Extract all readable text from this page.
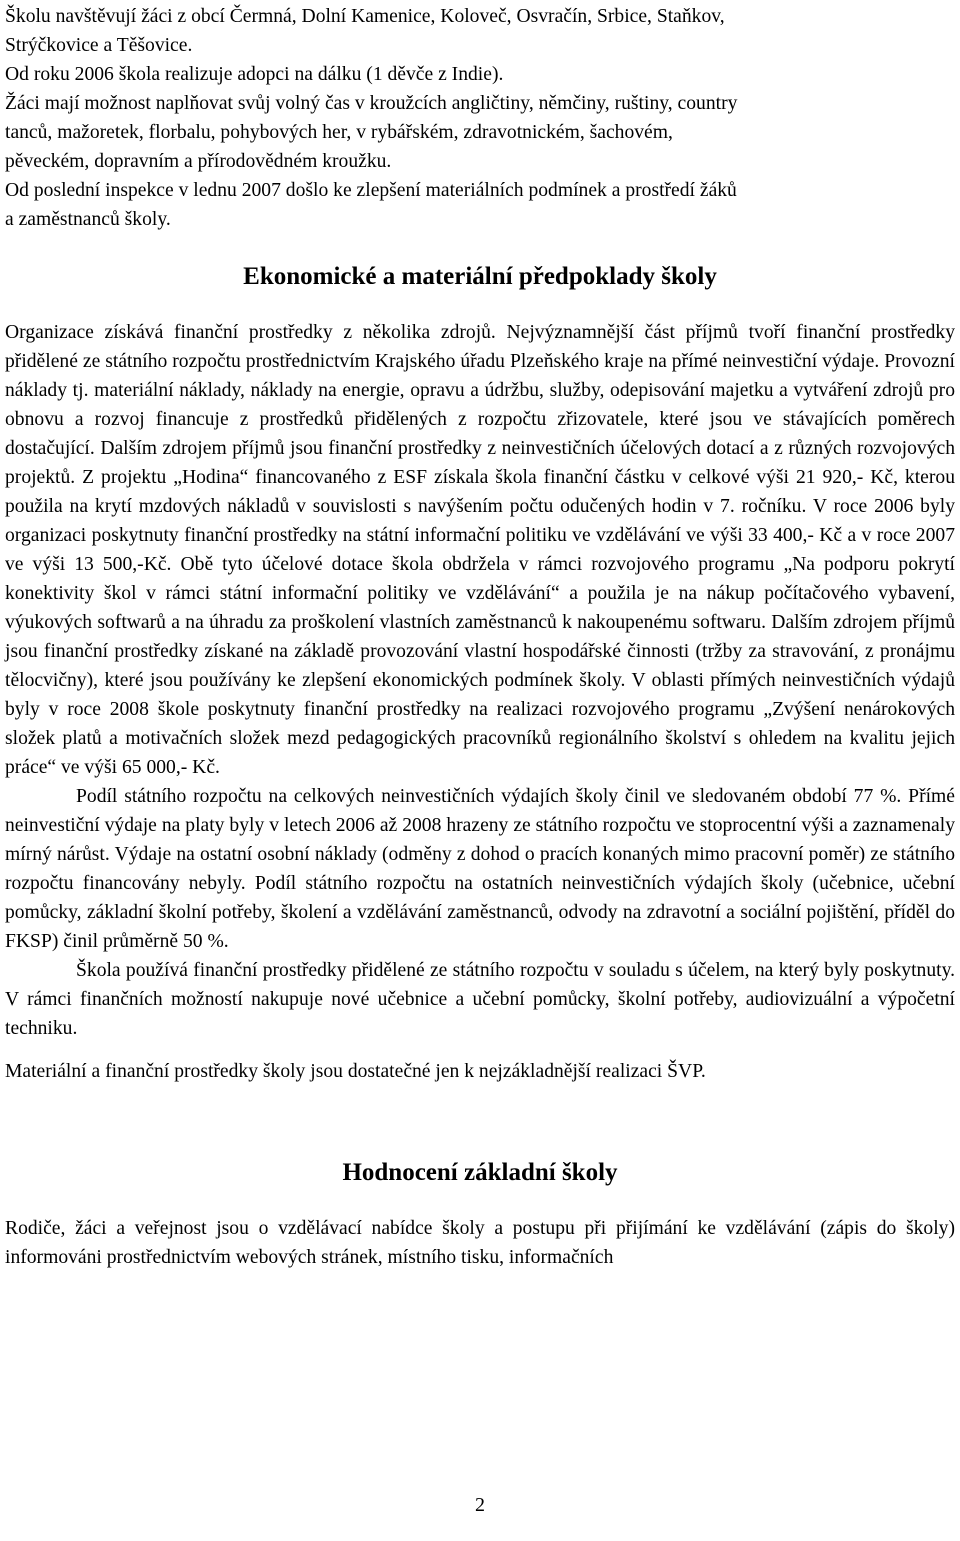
Školu navštěvují žáci z obcí Čermná, Dolní Kamenice, Koloveč, Osvračín, Srbice, Staňkov,

Strýčkovice a Těšovice.

Od roku 2006 škola realizuje adopci na dálku (1 děvče z Indie).

Žáci mají možnost naplňovat svůj volný čas v kroužcích angličtiny, němčiny, ruštiny, country

tanců, mažoretek, florbalu, pohybových her, v rybářském, zdravotnickém, šachovém,

pěveckém, dopravním a přírodovědném kroužku.

Od poslední inspekce v lednu 2007 došlo ke zlepšení materiálních podmínek a prostředí žáků

a zaměstnanců školy.

Ekonomické a materiální předpoklady školy

Organizace získává finanční prostředky z několika zdrojů. Nejvýznamnější část příjmů tvoří finanční prostředky přidělené ze státního rozpočtu prostřednictvím Krajského úřadu Plzeňského kraje na přímé neinvestiční výdaje. Provozní náklady tj. materiální náklady, náklady na energie, opravu a údržbu, služby, odepisování majetku a vytváření zdrojů pro obnovu a rozvoj financuje z prostředků přidělených z rozpočtu zřizovatele, které jsou ve stávajících poměrech dostačující. Dalším zdrojem příjmů jsou finanční prostředky z neinvestičních účelových dotací a z různých rozvojových projektů. Z projektu „Hodina“ financovaného z ESF získala škola finanční částku v celkové výši 21 920,- Kč, kterou použila na krytí mzdových nákladů v souvislosti s navýšením počtu odučených hodin v 7. ročníku. V roce 2006 byly organizaci poskytnuty finanční prostředky na státní informační politiku ve vzdělávání ve výši 33 400,- Kč a v roce 2007 ve výši 13 500,-Kč. Obě tyto účelové dotace škola obdržela v rámci rozvojového programu „Na podporu pokrytí konektivity škol v rámci státní informační politiky ve vzdělávání“ a použila je na nákup počítačového vybavení, výukových softwarů a na úhradu za proškolení vlastních zaměstnanců k nakoupenému softwaru. Dalším zdrojem příjmů jsou finanční prostředky získané na základě provozování vlastní hospodářské činnosti (tržby za stravování, z pronájmu tělocvičny), které jsou používány ke zlepšení ekonomických podmínek školy. V oblasti přímých neinvestičních výdajů byly v roce 2008 škole poskytnuty finanční prostředky na realizaci rozvojového programu „Zvýšení nenárokových složek platů a motivačních složek mezd pedagogických pracovníků regionálního školství s ohledem na kvalitu jejich práce“ ve výši 65 000,- Kč.

Podíl státního rozpočtu na celkových neinvestičních výdajích školy činil ve sledovaném období 77 %. Přímé neinvestiční výdaje na platy byly v letech 2006 až 2008 hrazeny ze státního rozpočtu ve stoprocentní výši a zaznamenaly mírný nárůst. Výdaje na ostatní osobní náklady (odměny z dohod o pracích konaných mimo pracovní poměr) ze státního rozpočtu financovány nebyly. Podíl státního rozpočtu na ostatních neinvestičních výdajích školy (učebnice, učební pomůcky, základní školní potřeby, školení a vzdělávání zaměstnanců, odvody na zdravotní a sociální pojištění, příděl do FKSP) činil průměrně 50 %.

Škola používá finanční prostředky přidělené ze státního rozpočtu v souladu s účelem, na který byly poskytnuty. V rámci finančních možností nakupuje nové učebnice a učební pomůcky, školní potřeby, audiovizuální a výpočetní techniku.

Materiální a finanční prostředky školy jsou dostatečné jen k nejzákladnější realizaci ŠVP.

Hodnocení základní školy

Rodiče, žáci a veřejnost jsou o vzdělávací nabídce školy a postupu při přijímání ke vzdělávání (zápis do školy) informováni prostřednictvím webových stránek, místního tisku, informačních

2
